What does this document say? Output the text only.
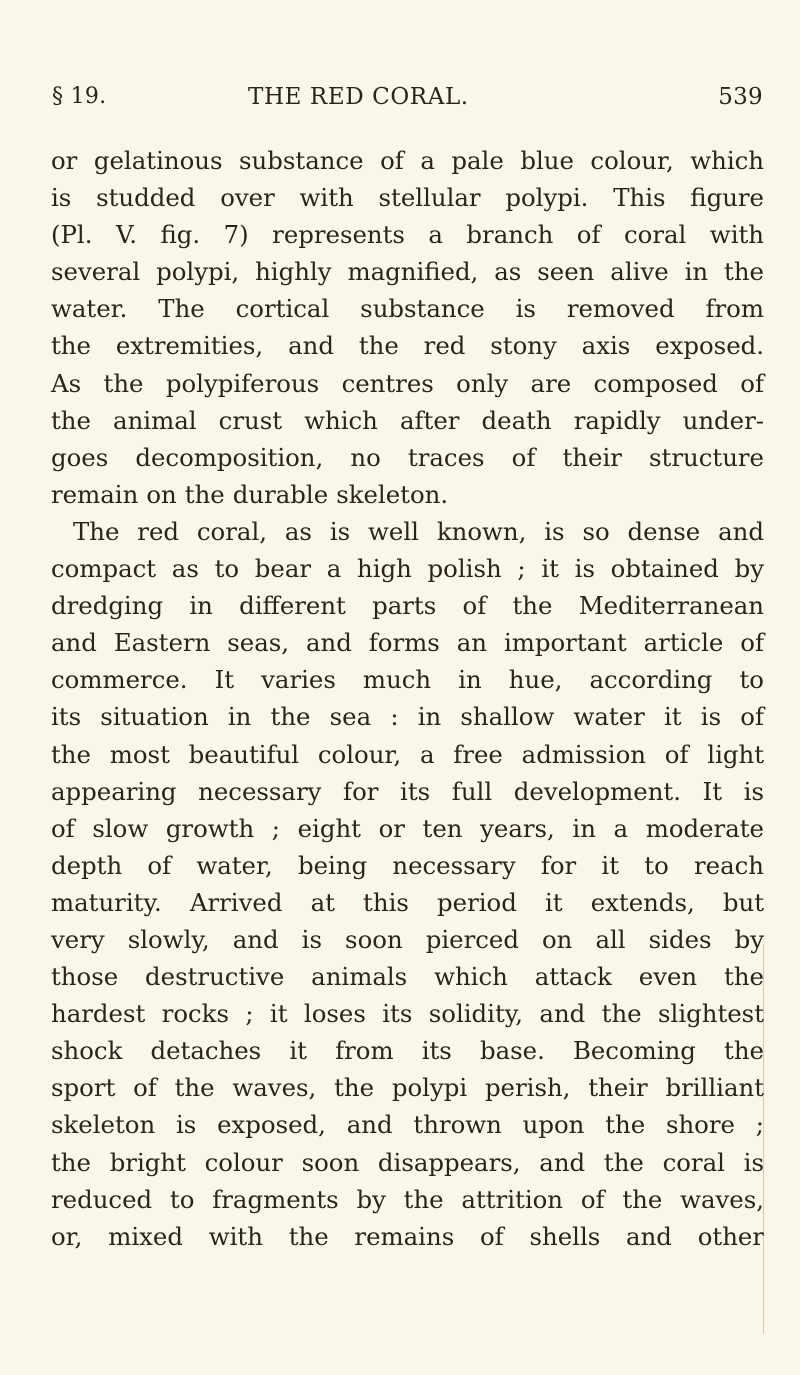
§ 19.	THE RED CORAL.	539
or gelatinous substance of a pale blue colour, which
is studded over with stellular polypi. This figure
(Pl. V. fig. 7) represents a branch of coral with
several polypi, highly magnified, as seen alive in the
water. The cortical substance is removed from
the extremities, and the red stony axis exposed.
As the polypiferous centres only are composed of
the animal crust which after death rapidly under-
goes decomposition, no traces of their structure
remain on the durable skeleton.
The red coral, as is well known, is so dense and
compact as to bear a high polish ; it is obtained by
dredging in different parts of the Mediterranean
and Eastern seas, and forms an important article of
commerce. It varies much in hue, according to
its situation in the sea : in shallow water it is of
the most beautiful colour, a free admission of light
appearing necessary for its full development. It is
of slow growth ; eight or ten years, in a moderate
depth of water, being necessary for it to reach
maturity. Arrived at this period it extends, but
very slowly, and is soon pierced on all sides by
those destructive animals which attack even the
hardest rocks ; it loses its solidity, and the slightest
shock detaches it from its base. Becoming the
sport of the waves, the polypi perish, their brilliant
skeleton is exposed, and thrown upon the shore ;
the bright colour soon disappears, and the coral is
reduced to fragments by the attrition of the waves,
or, mixed with the remains of shells and other
